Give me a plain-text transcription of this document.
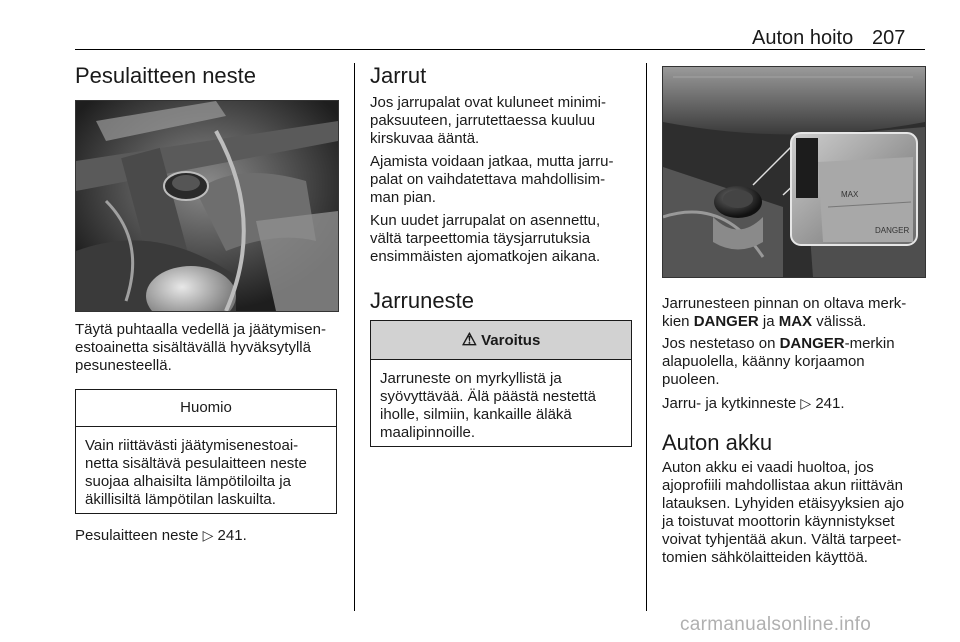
Auton hoito 207
Pesulaitteen neste

Täytä puhtaalla vedellä ja jäätymisen-

estoainetta sisältävällä hyväksytyllä

pesunesteellä.

Huomio

Vain riittävästi jäätymisenestoai-

netta sisältävä pesulaitteen neste

suojaa alhaisilta lämpötiloilta ja

äkillisiltä lämpötilan laskuilta.

Pesulaitteen neste ▷ 241.

Jarrut

Jos jarrupalat ovat kuluneet minimi-

paksuuteen, jarrutettaessa kuuluu

kirskuvaa ääntä.

Ajamista voidaan jatkaa, mutta jarru-

palat on vaihdatettava mahdollisim-

man pian.

Kun uudet jarrupalat on asennettu,

vältä tarpeettomia täysjarrutuksia

ensimmäisten ajomatkojen aikana.

Jarruneste
⚠ Varoitus

Jarruneste on myrkyllistä ja

syövyttävää. Älä päästä nestettä

iholle, silmiin, kankaille äläkä

maalipinnoille.

MAX
DANGER

Jarrunesteen pinnan on oltava merk-

kien DANGER ja MAX välissä.

Jos nestetaso on DANGER-merkin

alapuolella, käänny korjaamon

puoleen.

Jarru- ja kytkinneste ▷ 241.

Auton akku

Auton akku ei vaadi huoltoa, jos

ajoprofiili mahdollistaa akun riittävän

latauksen. Lyhyiden etäisyyksien ajo

ja toistuvat moottorin käynnistykset

voivat tyhjentää akun. Vältä tarpeet-

tomien sähkölaitteiden käyttöä.

carmanualsonline.info
